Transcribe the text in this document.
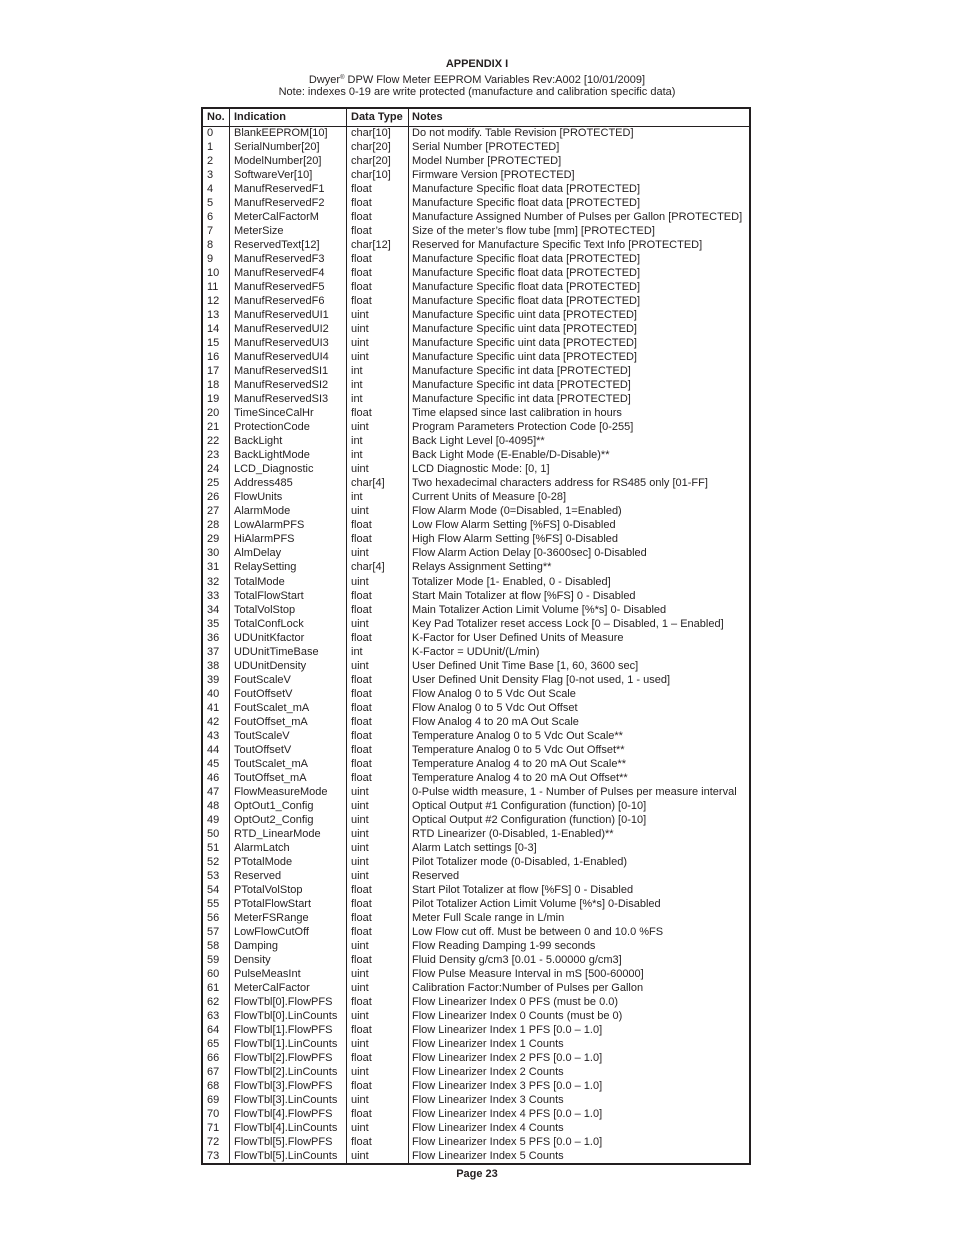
APPENDIX I
Dwyer® DPW Flow Meter EEPROM Variables Rev:A002 [10/01/2009]
Note: indexes 0-19 are write protected (manufacture and calibration specific data)
No. Indication	Data Type Notes
0 BlankEEPROM[10] char[10] Do not modify. Table Revision [PROTECTED]
1 SerialNumber[20]	char[20] Serial Number [PROTECTED]
2 ModelNumber[20]	char[20] Model Number [PROTECTED]
3 SoftwareVer[10]	char[10] Firmware Version [PROTECTED]
4 ManufReservedF1 float	Manufacture Specific float data [PROTECTED]
5 ManufReservedF2 float	Manufacture Specific float data [PROTECTED]
6 MeterCalFactorM	float	Manufacture Assigned Number of Pulses per Gallon [PROTECTED]
7 MeterSize	float	Size of the meter’s flow tube [mm] [PROTECTED]
8 ReservedText[12]	char[12] Reserved for Manufacture Specific Text Info [PROTECTED]
9 ManufReservedF3 float	Manufacture Specific float data [PROTECTED]
10 ManufReservedF4 float	Manufacture Specific float data [PROTECTED]
11 ManufReservedF5 float	Manufacture Specific float data [PROTECTED]
12 ManufReservedF6 float	Manufacture Specific float data [PROTECTED]
13 ManufReservedUI1 uint	Manufacture Specific uint data [PROTECTED]
14 ManufReservedUI2 uint	Manufacture Specific uint data [PROTECTED]
15 ManufReservedUI3 uint	Manufacture Specific uint data [PROTECTED]
16 ManufReservedUI4 uint	Manufacture Specific uint data [PROTECTED]
17 ManufReservedSI1 int	Manufacture Specific int data [PROTECTED]
18 ManufReservedSI2 int	Manufacture Specific int data [PROTECTED]
19 ManufReservedSI3 int	Manufacture Specific int data [PROTECTED]
20 TimeSinceCalHr	float	Time elapsed since last calibration in hours
21 ProtectionCode	uint	Program Parameters Protection Code [0-255]
22 BackLight	int	Back Light Level [0-4095]**
23 BackLightMode	int	Back Light Mode (E-Enable/D-Disable)**
24 LCD_Diagnostic	uint	LCD Diagnostic Mode: [0, 1]
25 Address485	char[4] Two hexadecimal characters address for RS485 only [01-FF]
26 FlowUnits	int	Current Units of Measure [0-28]
27 AlarmMode	uint	Flow Alarm Mode (0=Disabled, 1=Enabled)
28 LowAlarmPFS	float	Low Flow Alarm Setting [%FS] 0-Disabled
29 HiAlarmPFS	float	High Flow Alarm Setting [%FS] 0-Disabled
30 AlmDelay	uint	Flow Alarm Action Delay [0-3600sec] 0-Disabled
31 RelaySetting	char[4] Relays Assignment Setting**
32 TotalMode	uint	Totalizer Mode [1- Enabled, 0 - Disabled]
33 TotalFlowStart	float	Start Main Totalizer at flow [%FS] 0 - Disabled
34 TotalVolStop	float	Main Totalizer Action Limit Volume [%*s] 0- Disabled
35 TotalConfLock	uint	Key Pad Totalizer reset access Lock [0 – Disabled, 1 – Enabled]
36 UDUnitKfactor	float	K-Factor for User Defined Units of Measure
37 UDUnitTimeBase	int	K-Factor = UDUnit/(L/min)
38 UDUnitDensity	uint	User Defined Unit Time Base [1, 60, 3600 sec]
39 FoutScaleV	float	User Defined Unit Density Flag [0-not used, 1 - used]
40 FoutOffsetV	float	Flow Analog 0 to 5 Vdc Out Scale
41 FoutScalet_mA	float	Flow Analog 0 to 5 Vdc Out Offset
42 FoutOffset_mA	float	Flow Analog 4 to 20 mA Out Scale
43 ToutScaleV	float	Temperature Analog 0 to 5 Vdc Out Scale**
44 ToutOffsetV	float	Temperature Analog 0 to 5 Vdc Out Offset**
45 ToutScalet_mA	float	Temperature Analog 4 to 20 mA Out Scale**
46 ToutOffset_mA	float	Temperature Analog 4 to 20 mA Out Offset**
47 FlowMeasureMode uint	0-Pulse width measure, 1 - Number of Pulses per measure interval
48 OptOut1_Config	uint	Optical Output #1 Configuration (function) [0-10]
49 OptOut2_Config	uint	Optical Output #2 Configuration (function) [0-10]
50 RTD_LinearMode	uint	RTD Linearizer (0-Disabled, 1-Enabled)**
51 AlarmLatch	uint	Alarm Latch settings [0-3]
52 PTotalMode	uint	Pilot Totalizer mode (0-Disabled, 1-Enabled)
53 Reserved	uint	Reserved
54 PTotalVolStop	float	Start Pilot Totalizer at flow [%FS] 0 - Disabled
55 PTotalFlowStart	float	Pilot Totalizer Action Limit Volume [%*s] 0-Disabled
56 MeterFSRange	float	Meter Full Scale range in L/min
57 LowFlowCutOff	float	Low Flow cut off. Must be between 0 and 10.0 %FS
58 Damping	uint	Flow Reading Damping 1-99 seconds
59 Density	float	Fluid Density g/cm3 [0.01 - 5.00000 g/cm3]
60 PulseMeasInt	uint	Flow Pulse Measure Interval in mS [500-60000]
61 MeterCalFactor	uint	Calibration Factor:Number of Pulses per Gallon
62 FlowTbl[0].FlowPFS float	Flow Linearizer Index 0 PFS (must be 0.0)
63 FlowTbl[0].LinCounts uint	Flow Linearizer Index 0 Counts (must be 0)
64 FlowTbl[1].FlowPFS float	Flow Linearizer Index 1 PFS [0.0 – 1.0]
65 FlowTbl[1].LinCounts uint	Flow Linearizer Index 1 Counts
66 FlowTbl[2].FlowPFS float	Flow Linearizer Index 2 PFS [0.0 – 1.0]
67 FlowTbl[2].LinCounts uint	Flow Linearizer Index 2 Counts
68 FlowTbl[3].FlowPFS float	Flow Linearizer Index 3 PFS [0.0 – 1.0]
69 FlowTbl[3].LinCounts uint	Flow Linearizer Index 3 Counts
70 FlowTbl[4].FlowPFS float	Flow Linearizer Index 4 PFS [0.0 – 1.0]
71 FlowTbl[4].LinCounts uint	Flow Linearizer Index 4 Counts
72 FlowTbl[5].FlowPFS float	Flow Linearizer Index 5 PFS [0.0 – 1.0]
73 FlowTbl[5].LinCounts uint	Flow Linearizer Index 5 Counts
Page 23
